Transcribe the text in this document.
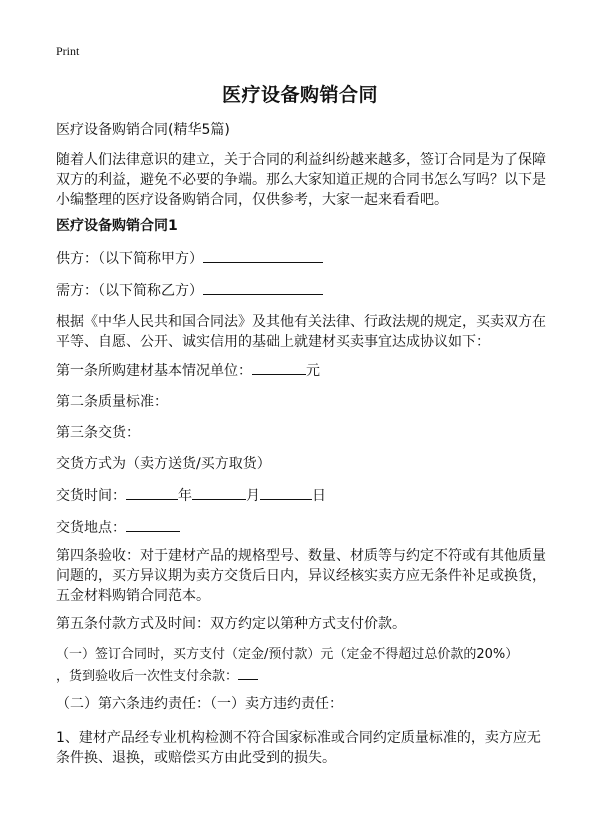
Print
医疗设备购销合同

医疗设备购销合同(精华5篇)

随着人们法律意识的建立，关于合同的利益纠纷越来越多，签订合同是为了保障双方的利益，避免不必要的争端。那么大家知道正规的合同书怎么写吗？以下是小编整理的医疗设备购销合同，仅供参考，大家一起来看看吧。

医疗设备购销合同1

供方：（以下简称甲方）

需方：（以下简称乙方）

根据《中华人民共和国合同法》及其他有关法律、行政法规的规定，买卖双方在平等、自愿、公开、诚实信用的基础上就建材买卖事宜达成协议如下：

第一条所购建材基本情况单位：	元

第二条质量标准：

第三条交货：

交货方式为（卖方送货/买方取货）

交货时间：	年	月	日

交货地点：

第四条验收：对于建材产品的规格型号、数量、材质等与约定不符或有其他质量问题的，买方异议期为卖方交货后日内，异议经核实卖方应无条件补足或换货，五金材料购销合同范本。

第五条付款方式及时间：双方约定以第种方式支付价款。

（一）签订合同时，买方支付（定金/预付款）元（定金不得超过总价款的20%）

，货到验收后一次性支付余款：

（二）第六条违约责任：（一）卖方违约责任：

1、建材产品经专业机构检测不符合国家标准或合同约定质量标准的，卖方应无条件换、退换，或赔偿买方由此受到的损失。
